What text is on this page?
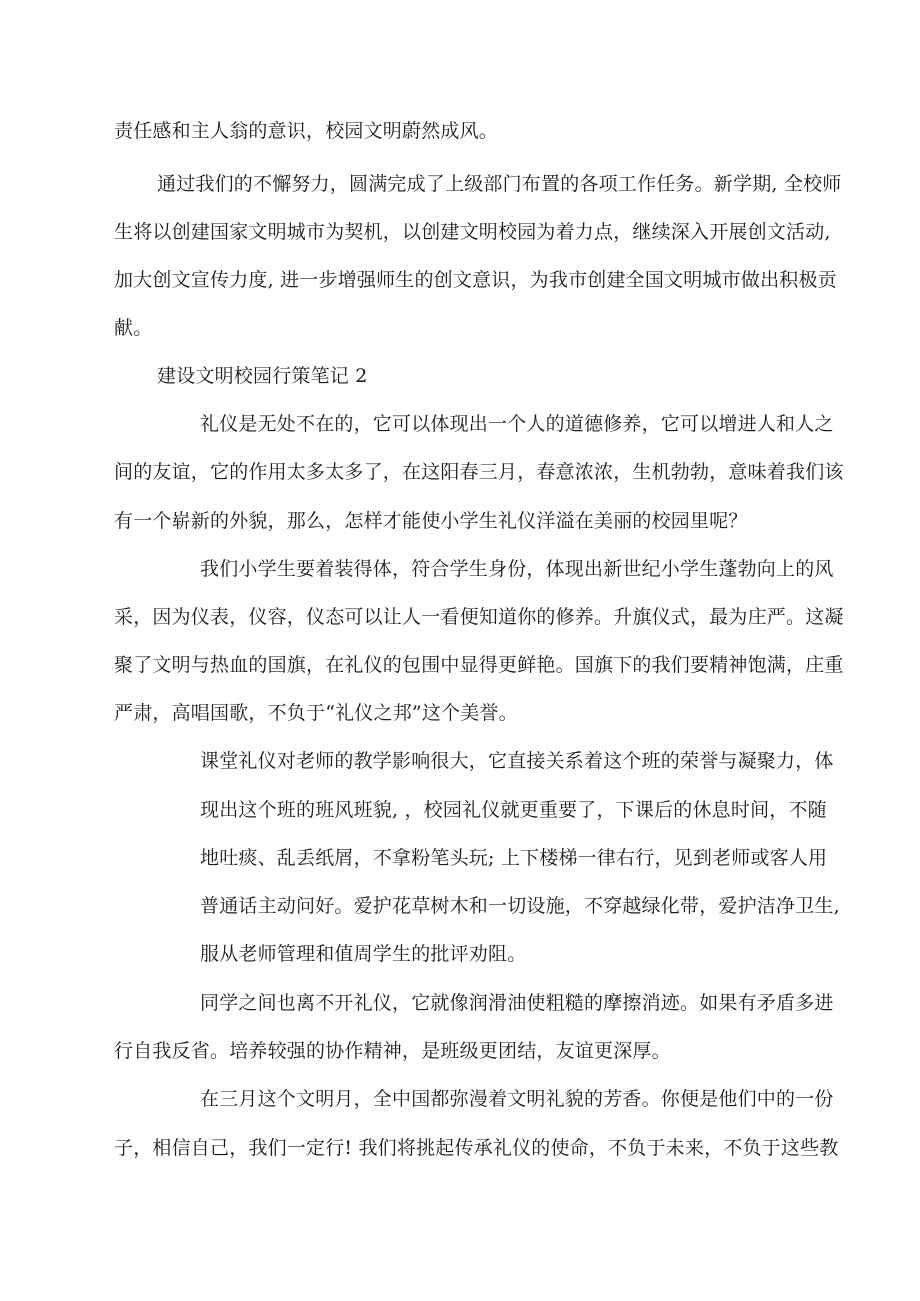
责任感和主人翁的意识，校园文明蔚然成风。
通过我们的不懈努力，圆满完成了上级部门布置的各项工作任务。新学期, 全校师
生将以创建国家文明城市为契机，以创建文明校园为着力点，继续深入开展创文活动,
加大创文宣传力度, 进一步增强师生的创文意识，为我市创建全国文明城市做出积极贡
献。
建设文明校园行策笔记 2
礼仪是无处不在的，它可以体现出一个人的道德修养，它可以增进人和人之
间的友谊，它的作用太多太多了，在这阳春三月，春意浓浓，生机勃勃，意味着我们该
有一个崭新的外貌，那么，怎样才能使小学生礼仪洋溢在美丽的校园里呢？
我们小学生要着装得体，符合学生身份，体现出新世纪小学生蓬勃向上的风
采，因为仪表，仪容，仪态可以让人一看便知道你的修养。升旗仪式，最为庄严。这凝
聚了文明与热血的国旗，在礼仪的包围中显得更鲜艳。国旗下的我们要精神饱满，庄重
严肃，高唱国歌，不负于“礼仪之邦”这个美誉。
课堂礼仪对老师的教学影响很大，它直接关系着这个班的荣誉与凝聚力，体
现出这个班的班风班貌, ，校园礼仪就更重要了，下课后的休息时间，不随
地吐痰、乱丢纸屑，不拿粉笔头玩; 上下楼梯一律右行，见到老师或客人用
普通话主动问好。爱护花草树木和一切设施，不穿越绿化带，爱护洁净卫生,
服从老师管理和值周学生的批评劝阻。
同学之间也离不开礼仪，它就像润滑油使粗糙的摩擦消迹。如果有矛盾多进
行自我反省。培养较强的协作精神，是班级更团结，友谊更深厚。
在三月这个文明月，全中国都弥漫着文明礼貌的芳香。你便是他们中的一份
子，相信自己，我们一定行! 我们将挑起传承礼仪的使命，不负于未来，不负于这些教
